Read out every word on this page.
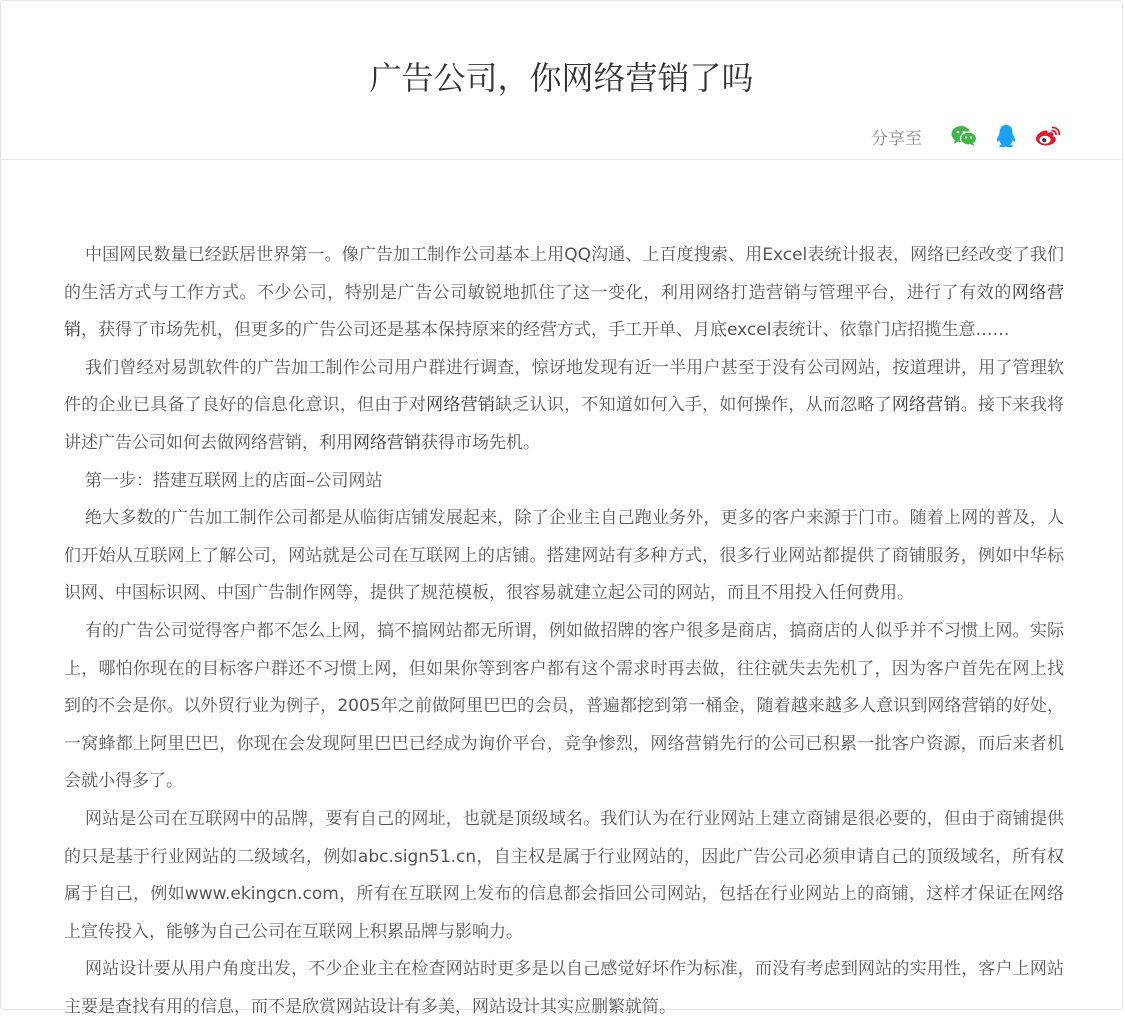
广告公司，你网络营销了吗
分享至

中国网民数量已经跃居世界第一。像广告加工制作公司基本上用QQ沟通、上百度搜索、用Excel表统计报表，网络已经改变了我们的生活方式与工作方式。不少公司，特别是广告公司敏锐地抓住了这一变化，利用网络打造营销与管理平台，进行了有效的网络营销，获得了市场先机，但更多的广告公司还是基本保持原来的经营方式，手工开单、月底excel表统计、依靠门店招揽生意……

我们曾经对易凯软件的广告加工制作公司用户群进行调查，惊讶地发现有近一半用户甚至于没有公司网站，按道理讲，用了管理软件的企业已具备了良好的信息化意识，但由于对网络营销缺乏认识，不知道如何入手，如何操作，从而忽略了网络营销。接下来我将讲述广告公司如何去做网络营销，利用网络营销获得市场先机。

第一步：搭建互联网上的店面–公司网站

绝大多数的广告加工制作公司都是从临街店铺发展起来，除了企业主自己跑业务外，更多的客户来源于门市。随着上网的普及，人们开始从互联网上了解公司，网站就是公司在互联网上的店铺。搭建网站有多种方式，很多行业网站都提供了商铺服务，例如中华标识网、中国标识网、中国广告制作网等，提供了规范模板，很容易就建立起公司的网站，而且不用投入任何费用。

有的广告公司觉得客户都不怎么上网，搞不搞网站都无所谓，例如做招牌的客户很多是商店，搞商店的人似乎并不习惯上网。实际上，哪怕你现在的目标客户群还不习惯上网，但如果你等到客户都有这个需求时再去做，往往就失去先机了，因为客户首先在网上找到的不会是你。以外贸行业为例子，2005年之前做阿里巴巴的会员，普遍都挖到第一桶金，随着越来越多人意识到网络营销的好处，一窝蜂都上阿里巴巴，你现在会发现阿里巴巴已经成为询价平台，竞争惨烈，网络营销先行的公司已积累一批客户资源，而后来者机会就小得多了。

网站是公司在互联网中的品牌，要有自己的网址，也就是顶级域名。我们认为在行业网站上建立商铺是很必要的，但由于商铺提供的只是基于行业网站的二级域名，例如abc.sign51.cn，自主权是属于行业网站的，因此广告公司必须申请自己的顶级域名，所有权属于自己，例如www.ekingcn.com，所有在互联网上发布的信息都会指回公司网站，包括在行业网站上的商铺，这样才保证在网络上宣传投入，能够为自己公司在互联网上积累品牌与影响力。

网站设计要从用户角度出发，不少企业主在检查网站时更多是以自己感觉好坏作为标准，而没有考虑到网站的实用性，客户上网站主要是查找有用的信息，而不是欣赏网站设计有多美，网站设计其实应删繁就简。
